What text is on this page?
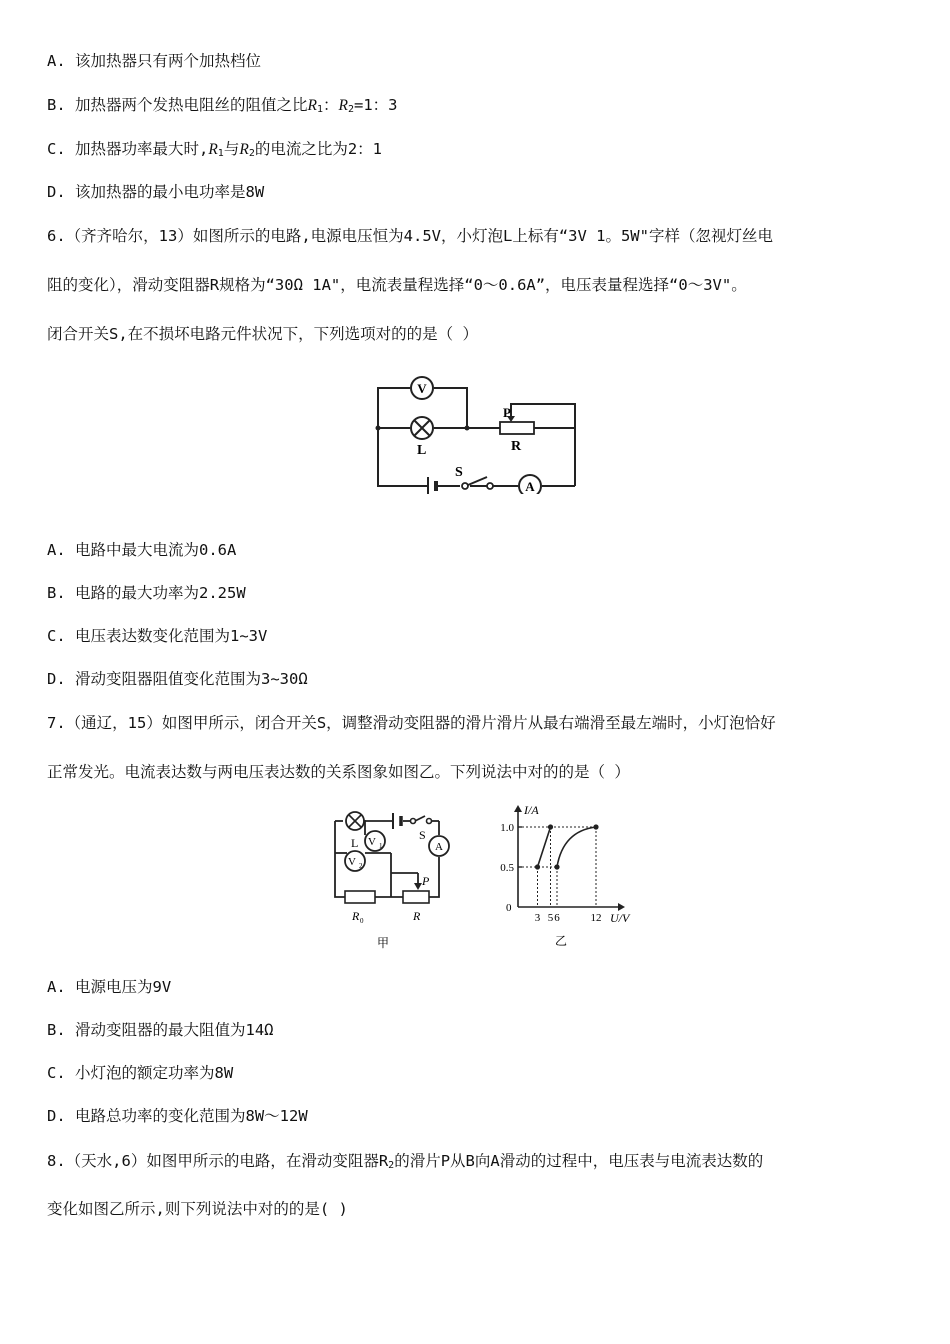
A. 该加热器只有两个加热档位
B. 加热器两个发热电阻丝的阻值之比$R_1$：$R_2=1$：3
C. 加热器功率最大时$,R_1$与$R_2$的电流之比为2：1
D. 该加热器的最小电功率是8W
6.（齐齐哈尔，13）如图所示的电路,电源电压恒为4.5V，小灯泡L上标有“3V 1。5W"字样（忽视灯丝电
阻的变化），滑动变阻器R规格为“30Ω 1A"，电流表量程选择“0～0.6A”，电压表量程选择“0～3V"。
闭合开关S,在不损坏电路元件状况下，下列选项对的的是（ ）
V
L
P
R
S
A
A. 电路中最大电流为0.6A
B. 电路的最大功率为2.25W
C. 电压表达数变化范围为1~3V
D. 滑动变阻器阻值变化范围为3~30Ω
7.（通辽，15）如图甲所示，闭合开关S，调整滑动变阻器的滑片滑片从最右端滑至最左端时，小灯泡恰好
正常发光。电流表达数与两电压表达数的关系图象如图乙。下列说法中对的的是（ ）
L V 1
V 2
S
A
P
R 0	R
甲
I/A
U/V
0
乙
1.0
0.5
3 5 6	12
A. 电源电压为9V
B. 滑动变阻器的最大阻值为14Ω
C. 小灯泡的额定功率为8W
D. 电路总功率的变化范围为8W～12W
8.（天水,6）如图甲所示的电路，在滑动变阻器$R_2$的滑片P从B向A滑动的过程中，电压表与电流表达数的
变化如图乙所示,则下列说法中对的的是( )
